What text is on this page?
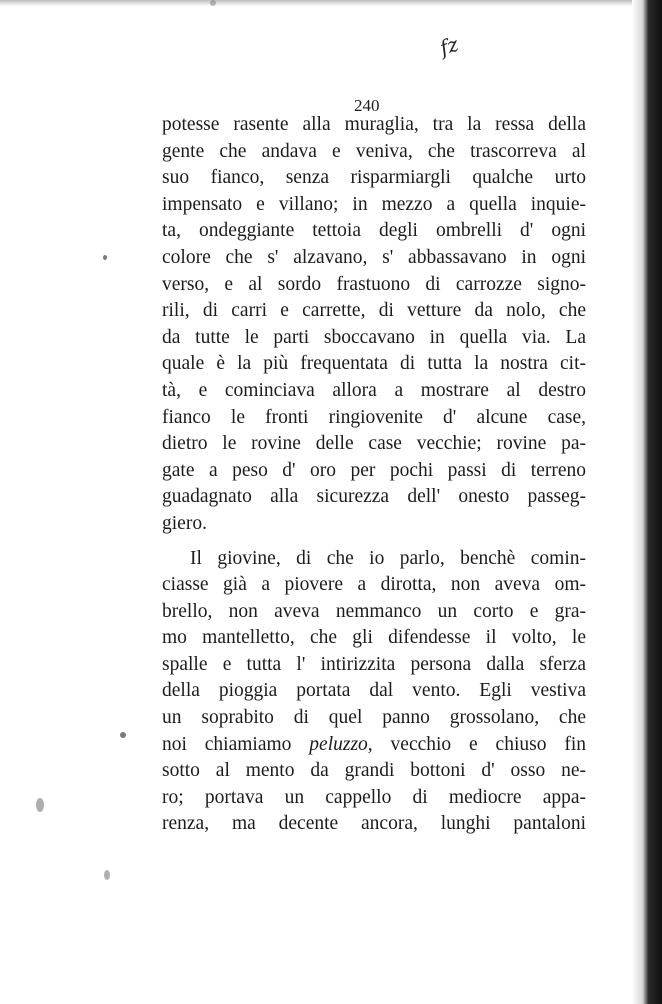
fz
240
potesse rasente alla muraglia, tra la ressa della
gente che andava e veniva, che trascorreva al
suo fianco, senza risparmiargli qualche urto
impensato e villano; in mezzo a quella inquie-
ta, ondeggiante tettoia degli ombrelli d' ogni
colore che s' alzavano, s' abbassavano in ogni
verso, e al sordo frastuono di carrozze signo-
rili, di carri e carrette, di vetture da nolo, che
da tutte le parti sboccavano in quella via. La
quale è la più frequentata di tutta la nostra cit-
tà, e cominciava allora a mostrare al destro
fianco le fronti ringiovenite d' alcune case,
dietro le rovine delle case vecchie; rovine pa-
gate a peso d' oro per pochi passi di terreno
guadagnato alla sicurezza dell' onesto passeg-
giero.
Il giovine, di che io parlo, benchè comin-
ciasse già a piovere a dirotta, non aveva om-
brello, non aveva nemmanco un corto e gra-
mo mantelletto, che gli difendesse il volto, le
spalle e tutta l' intirizzita persona dalla sferza
della pioggia portata dal vento. Egli vestiva
un soprabito di quel panno grossolano, che
noi chiamiamo peluzzo, vecchio e chiuso fin
sotto al mento da grandi bottoni d' osso ne-
ro; portava un cappello di mediocre appa-
renza, ma decente ancora, lunghi pantaloni
